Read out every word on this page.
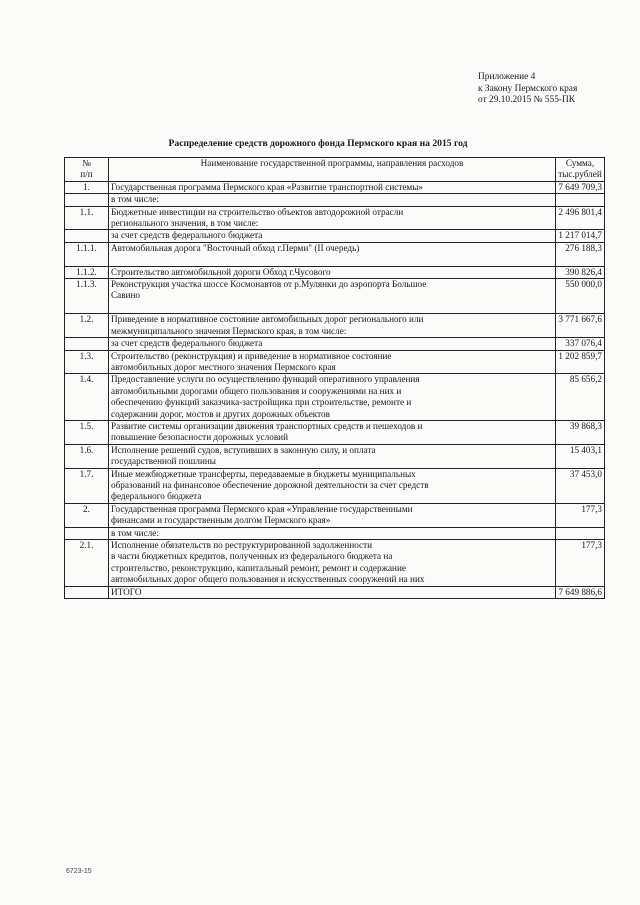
Приложение 4
к Закону Пермского края
от 29.10.2015 № 555-ПК
Распределение средств дорожного фонда Пермского края на 2015 год
№
п/п	Наименование государственной программы, направления расходов	Сумма,
тыс.рублей

1.	Государственная программа Пермского края «Развитие транспортной системы»	7 649 709,3

	в том числе:	

1.1.	Бюджетные инвестиции на строительство объектов автодорожной отрасли
регионального значения, в том числе:	2 496 801,4

	за счет средств федерального бюджета	1 217 014,7
1.1.1.	Автомобильная дорога "Восточный обход г.Перми" (II очередь)	276 188,3
1.1.2.	Строительство автомобильной дороги Обход г.Чусового	390 826,4
1.1.3.	Реконструкция участка шоссе Космонавтов от р.Мулянки до аэропорта Большое
Савино	550 000,0
1.2.	Приведение в нормативное состояние автомобильных дорог регионального или
межмуниципального значения Пермского края, в том числе:	3 771 667,6

	за счет средств федерального бюджета	337 076,4
1.3.	Строительство (реконструкция) и приведение в нормативное состояние
автомобильных дорог местного значения Пермского края	1 202 859,7
1.4.	Предоставление услуги по осуществлению функций оперативного управления
автомобильными дорогами общего пользования и сооружениями на них и
обеспечению функций заказчика-застройщика при строительстве, ремонте и
содержании дорог, мостов и других дорожных объектов	85 656,2
1.5.	Развитие системы организации движения транспортных средств и пешеходов и
повышение безопасности дорожных условий	39 868,3
1.6.	Исполнение решений судов, вступивших в законную силу, и оплата
государственной пошлины	15 403,1
1.7.	Иные межбюджетные трансферты, передаваемые в бюджеты муниципальных
образований на финансовое обеспечение дорожной деятельности за счет средств
федерального бюджета	37 453,0
2.	Государственная программа Пермского края «Управление государственными
финансами и государственным долгом Пермского края»	177,3

	в том числе:	

2.1.	Исполнение обязательств по реструктурированной задолженности
в части бюджетных кредитов, полученных из федерального бюджета на
строительство, реконструкцию, капитальный ремонт, ремонт и содержание
автомобильных дорог общего пользования и искусственных сооружений на них	177,3

	ИТОГО	7 649 886,6
6723-15
